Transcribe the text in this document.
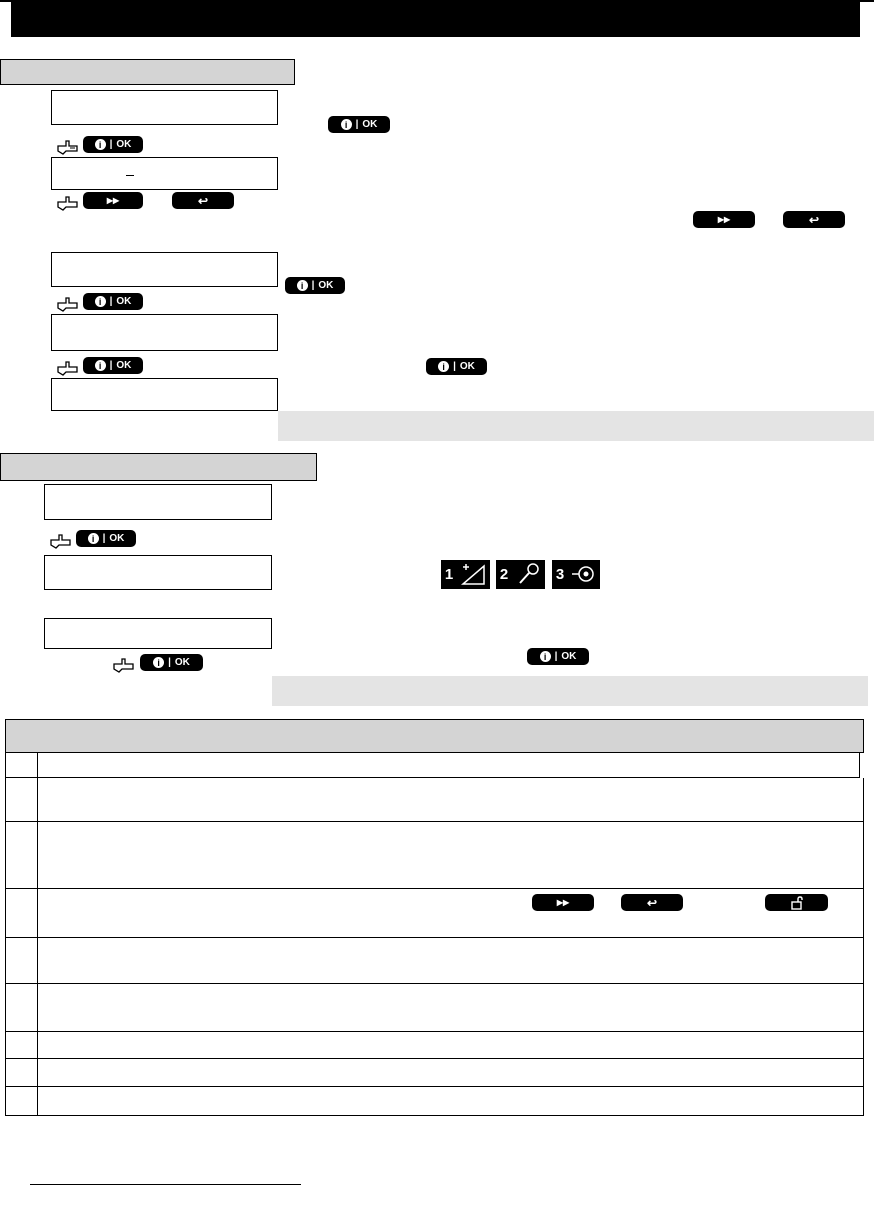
i | OK
▶▶	↩
i | OK
▶▶	↩
i | OK
i | OK
i | OK	i | OK
i | OK
1	2	3
i | OK
i | OK
▶▶	↩
